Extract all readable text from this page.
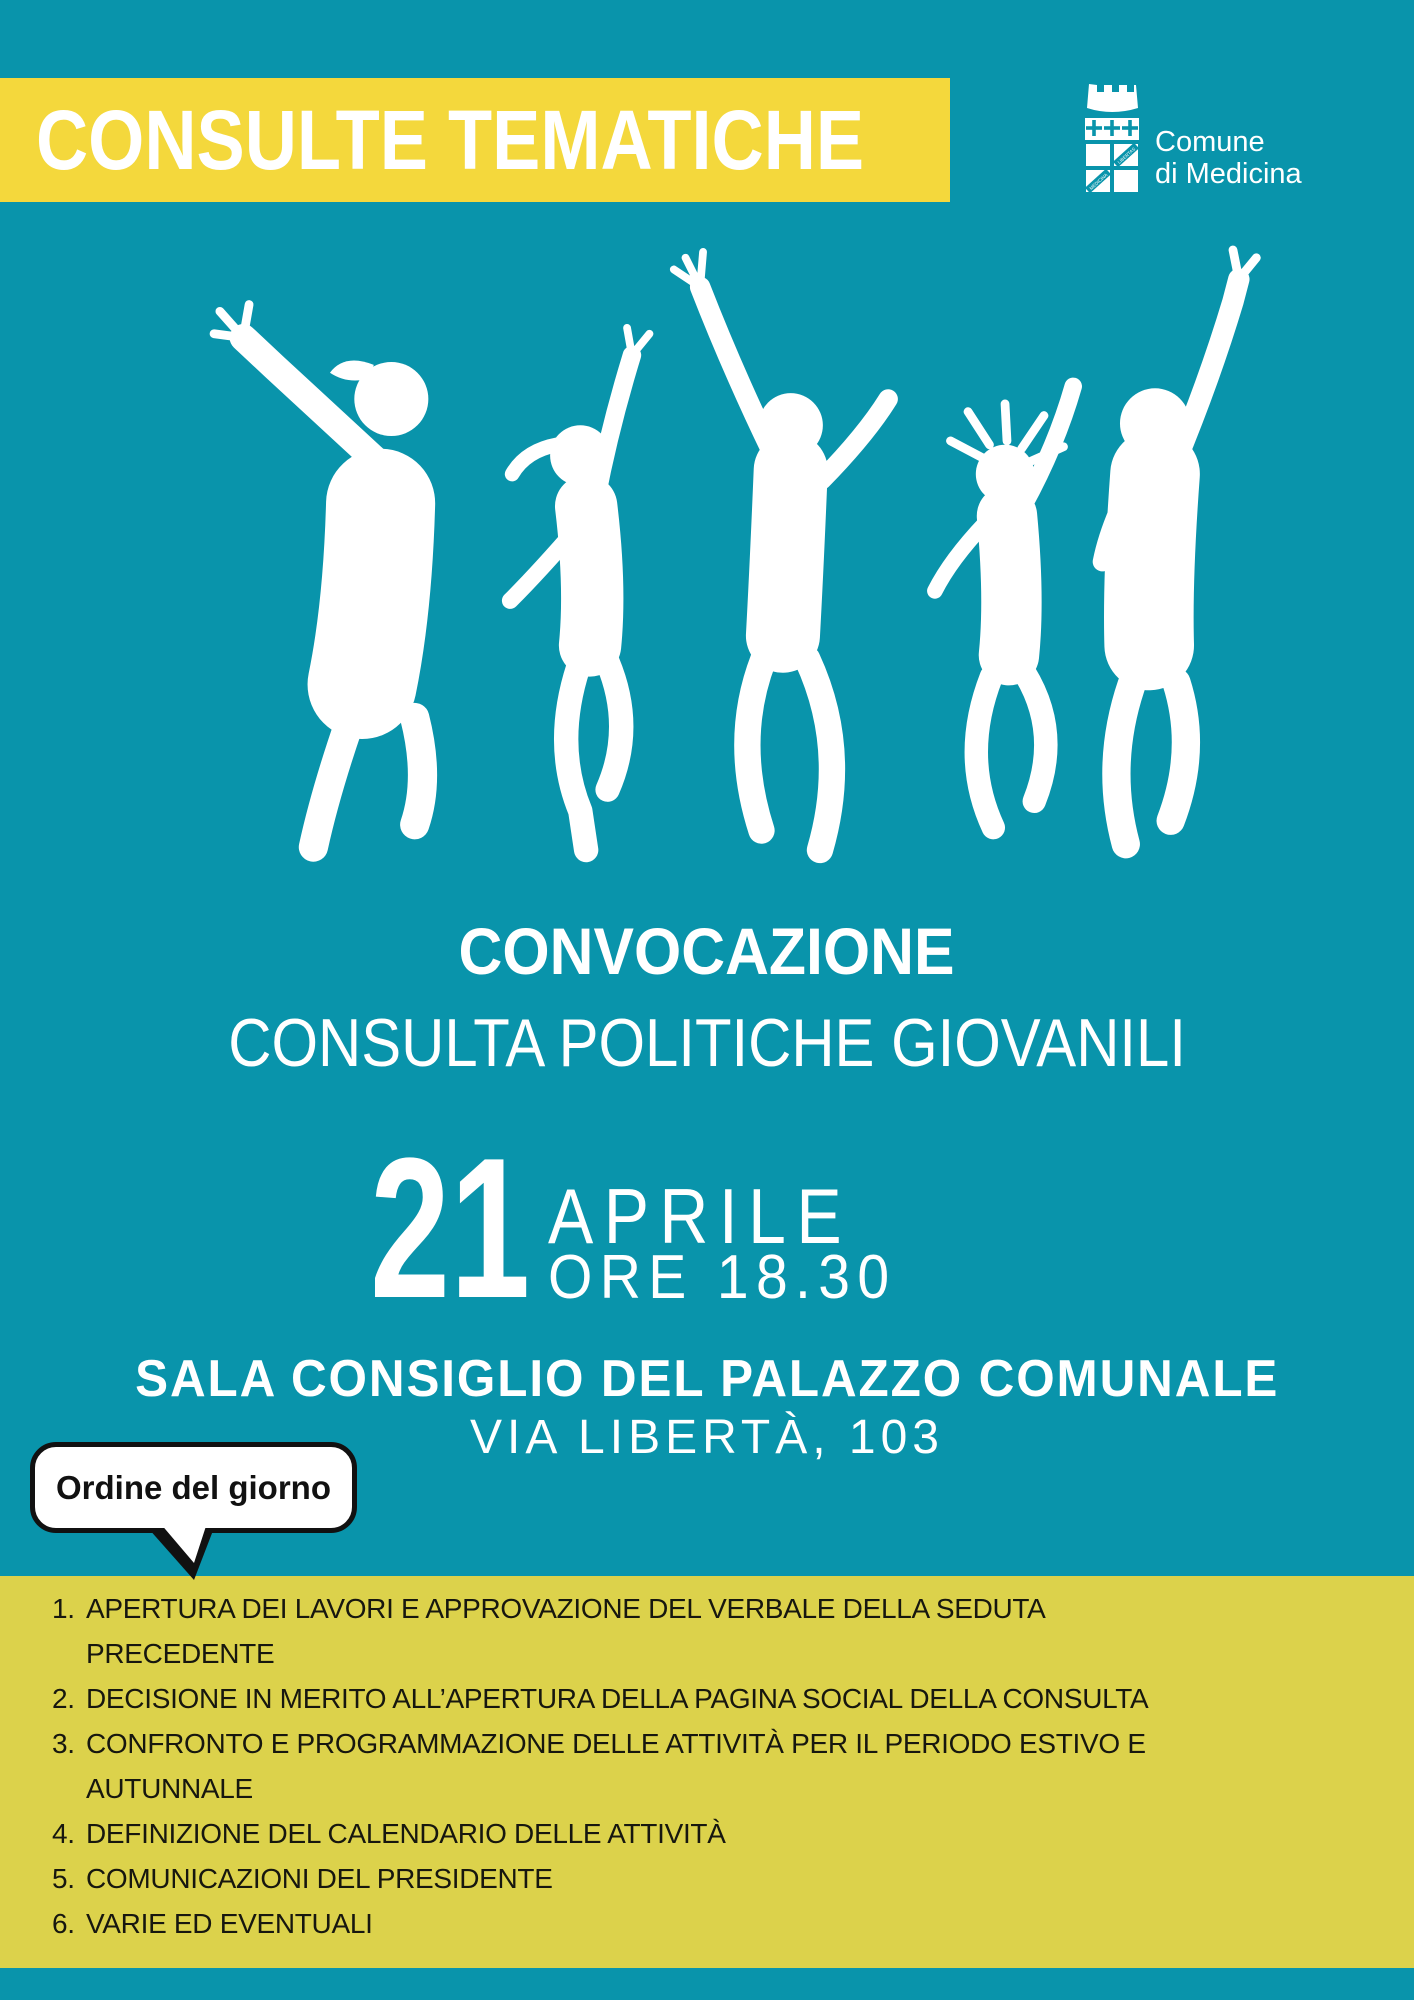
CONSULTE TEMATICHE	LIBERTAS
MEDICINA
Comune
di Medicina
CONVOCAZIONE
CONSULTA POLITICHE GIOVANILI
21 APRILE
ORE 18.30
SALA CONSIGLIO DEL PALAZZO COMUNALE
VIA LIBERTÀ, 103
Ordine del giorno
1. APERTURA DEI LAVORI E APPROVAZIONE DEL VERBALE DELLA SEDUTA
PRECEDENTE
2. DECISIONE IN MERITO ALL’APERTURA DELLA PAGINA SOCIAL DELLA CONSULTA
3. CONFRONTO E PROGRAMMAZIONE DELLE ATTIVITÀ PER IL PERIODO ESTIVO E
AUTUNNALE
4. DEFINIZIONE DEL CALENDARIO DELLE ATTIVITÀ
5. COMUNICAZIONI DEL PRESIDENTE
6. VARIE ED EVENTUALI
